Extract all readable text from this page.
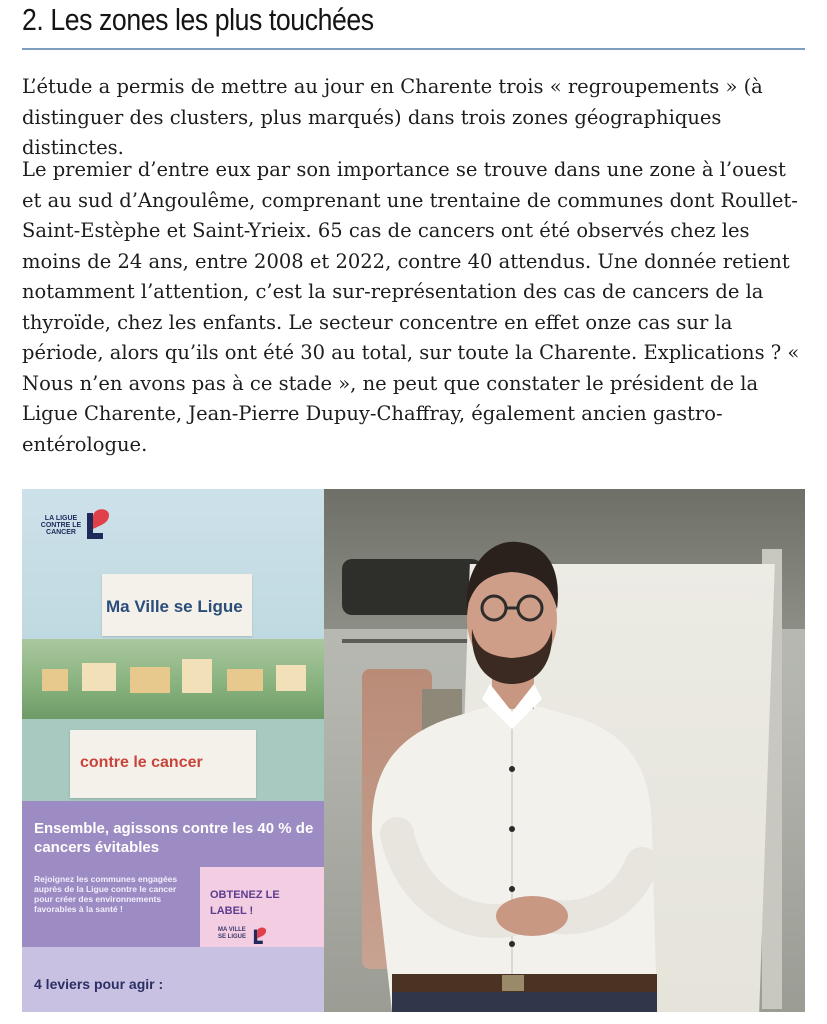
2. Les zones les plus touchées

L’étude a permis de mettre au jour en Charente trois « regroupements » (à distinguer des clusters, plus marqués) dans trois zones géographiques distinctes.

Le premier d’entre eux par son importance se trouve dans une zone à l’ouest et au sud d’Angoulême, comprenant une trentaine de communes dont Roullet-Saint-Estèphe et Saint-Yrieix. 65 cas de cancers ont été observés chez les moins de 24 ans, entre 2008 et 2022, contre 40 attendus. Une donnée retient notamment l’attention, c’est la sur-représentation des cas de cancers de la thyroïde, chez les enfants. Le secteur concentre en effet onze cas sur la période, alors qu’ils ont été 30 au total, sur toute la Charente. Explications ? « Nous n’en avons pas à ce stade », ne peut que constater le président de la Ligue Charente, Jean-Pierre Dupuy-Chaffray, également ancien gastro-entérologue.

LA LIGUE CONTRE LE CANCER
Ma Ville se Ligue
contre le cancer
Ensemble, agissons contre les 40 % de cancers évitables
Rejoignez les communes engagées auprès de la Ligue contre le cancer pour créer des environnements favorables à la santé !
OBTENEZ LE LABEL !
MA VILLE SE LIGUE
4 leviers pour agir :
